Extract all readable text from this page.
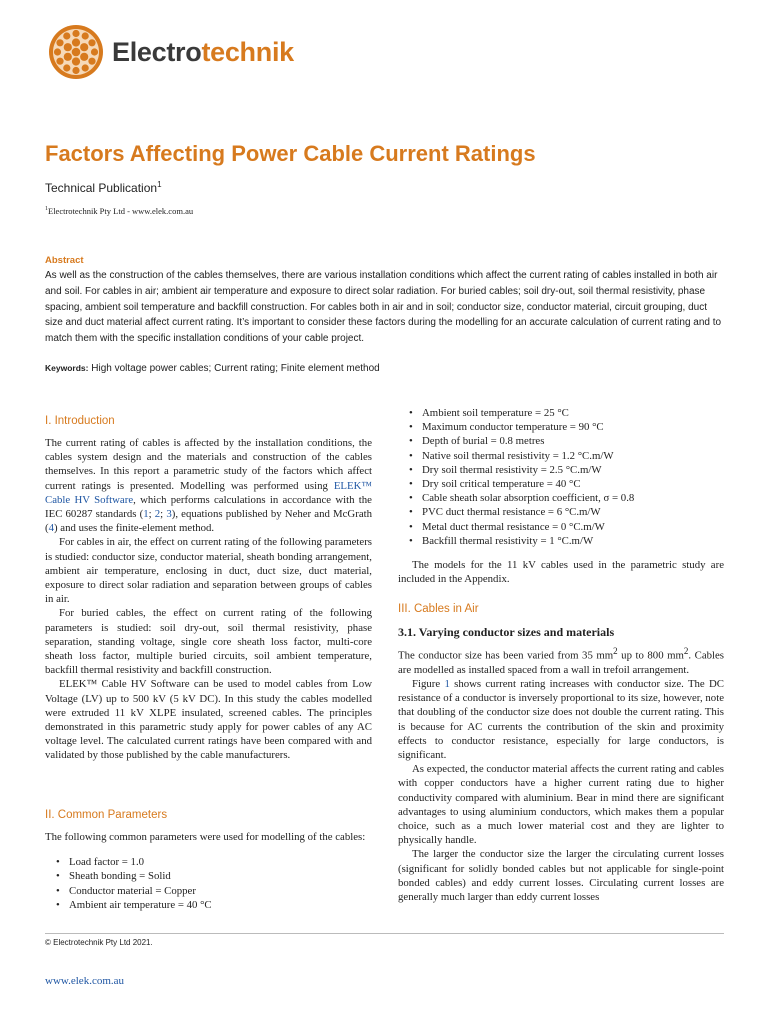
Electrotechnik
Factors Affecting Power Cable Current Ratings
Technical Publication$^1$
$^1$Electrotechnik Pty Ltd - www.elek.com.au
Abstract

As well as the construction of the cables themselves, there are various installation conditions which affect the current rating of cables installed in both air and soil. For cables in air; ambient air temperature and exposure to direct solar radiation. For buried cables; soil dry-out, soil thermal resistivity, phase spacing, ambient soil temperature and backfill construction. For cables both in air and in soil; conductor size, conductor material, circuit grouping, duct size and duct material affect current rating. It’s important to consider these factors during the modelling for an accurate calculation of current rating and to match them with the specific installation conditions of your cable project.

Keywords: High voltage power cables; Current rating; Finite element method
I. Introduction

The current rating of cables is affected by the installation conditions, the cables system design and the materials and construction of the cables themselves. In this report a parametric study of the factors which affect current ratings is presented. Modelling was performed using ELEK™ Cable HV Software, which performs calculations in accordance with the IEC 60287 standards (1; 2; 3), equations published by Neher and McGrath (4) and uses the finite-element method.

For cables in air, the effect on current rating of the following parameters is studied: conductor size, conductor material, sheath bonding arrangement, ambient air temperature, enclosing in duct, duct size, duct material, exposure to direct solar radiation and separation between groups of cables in air.

For buried cables, the effect on current rating of the following parameters is studied: soil dry-out, soil thermal resistivity, phase separation, standing voltage, single core sheath loss factor, multi-core sheath loss factor, multiple buried circuits, soil ambient temperature, backfill thermal resistivity and backfill construction.

ELEK™ Cable HV Software can be used to model cables from Low Voltage (LV) up to 500 kV (5 kV DC). In this study the cables modelled were extruded 11 kV XLPE insulated, screened cables. The principles demonstrated in this parametric study apply for power cables of any AC voltage level. The calculated current ratings have been compared with and validated by those published by the cable manufacturers.

II. Common Parameters

The following common parameters were used for modelling of the cables:

• Load factor = 1.0
• Sheath bonding = Solid
• Conductor material = Copper
• Ambient air temperature = 40 °C
• Ambient soil temperature = 25 °C
• Maximum conductor temperature = 90 °C
• Depth of burial = 0.8 metres
• Native soil thermal resistivity = 1.2 °C.m/W
• Dry soil thermal resistivity = 2.5 °C.m/W
• Dry soil critical temperature = 40 °C
• Cable sheath solar absorption coefficient, σ = 0.8
• PVC duct thermal resistance = 6 °C.m/W
• Metal duct thermal resistance = 0 °C.m/W
• Backfill thermal resistivity = 1 °C.m/W

The models for the 11 kV cables used in the parametric study are included in the Appendix.

III. Cables in Air
3.1. Varying conductor sizes and materials

The conductor size has been varied from 35 $mm^2$ up to 800 $mm^2$. Cables are modelled as installed spaced from a wall in trefoil arrangement.

Figure 1 shows current rating increases with conductor size. The DC resistance of a conductor is inversely proportional to its size, however, note that doubling of the conductor size does not double the current rating. This is because for AC currents the contribution of the skin and proximity effects to conductor resistance, especially for large conductors, is significant.

As expected, the conductor material affects the current rating and cables with copper conductors have a higher current rating due to higher conductivity compared with aluminium. Bear in mind there are significant advantages to using aluminium conductors, which makes them a popular choice, such as a much lower material cost and they are lighter to physically handle.

The larger the conductor size the larger the circulating current losses (significant for solidly bonded cables but not applicable for single-point bonded cables) and eddy current losses. Circulating current losses are generally much larger than eddy current losses

© Electrotechnik Pty Ltd 2021.
www.elek.com.au
